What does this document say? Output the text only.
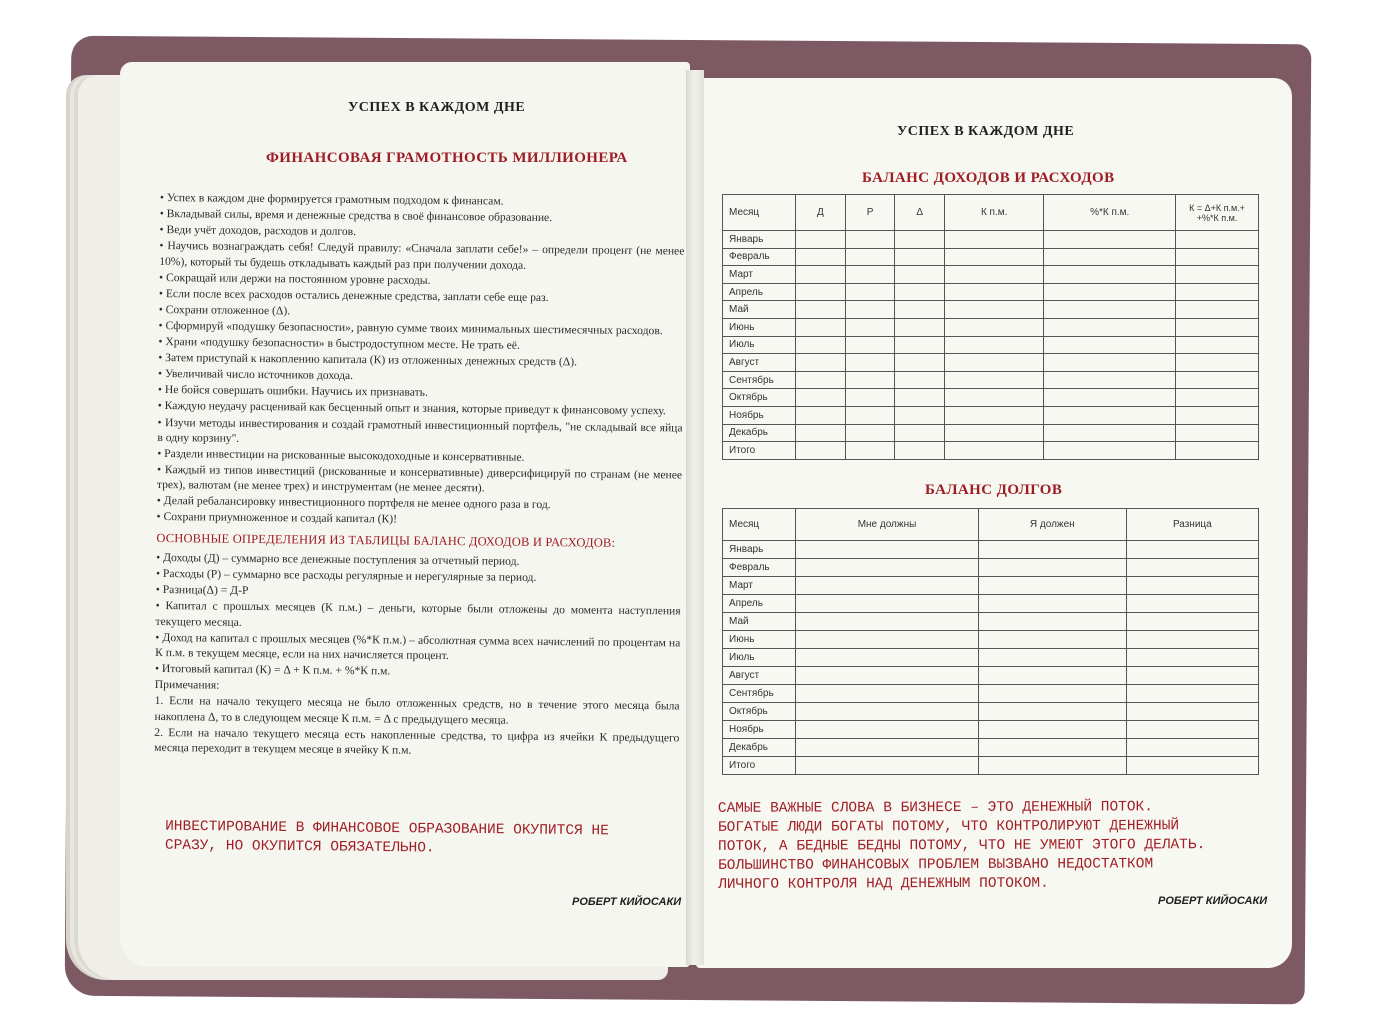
УСПЕХ В КАЖДОМ ДНЕ
ФИНАНСОВАЯ ГРАМОТНОСТЬ МИЛЛИОНЕРА

• Успех в каждом дне формируется грамотным подходом к финансам.

• Вкладывай силы, время и денежные средства в своё финансовое образование.

• Веди учёт доходов, расходов и долгов.

• Научись вознаграждать себя! Следуй правилу: «Сначала заплати себе!» – определи процент (не менее 10%), который ты будешь откладывать каждый раз при получении дохода.

• Сокращай или держи на постоянном уровне расходы.

• Если после всех расходов остались денежные средства, заплати себе еще раз.

• Сохрани отложенное (Δ).

• Сформируй «подушку безопасности», равную сумме твоих минимальных шестимесячных расходов.

• Храни «подушку безопасности» в быстродоступном месте. Не трать её.

• Затем приступай к накоплению капитала (К) из отложенных денежных средств (Δ).

• Увеличивай число источников дохода.

• Не бойся совершать ошибки. Научись их признавать.

• Каждую неудачу расценивай как бесценный опыт и знания, которые приведут к финансовому успеху.

• Изучи методы инвестирования и создай грамотный инвестиционный портфель, "не складывай все яйца в одну корзину".

• Раздели инвестиции на рискованные высокодоходные и консервативные.

• Каждый из типов инвестиций (рискованные и консервативные) диверсифицируй по странам (не менее трех), валютам (не менее трех) и инструментам (не менее десяти).

• Делай ребалансировку инвестиционного портфеля не менее одного раза в год.

• Сохрани приумноженное и создай капитал (К)!

ОСНОВНЫЕ ОПРЕДЕЛЕНИЯ ИЗ ТАБЛИЦЫ БАЛАНС ДОХОДОВ И РАСХОДОВ:

• Доходы (Д) – суммарно все денежные поступления за отчетный период.

• Расходы (Р) – суммарно все расходы регулярные и нерегулярные за период.

• Разница(Δ) = Д-Р

• Капитал с прошлых месяцев (К п.м.) – деньги, которые были отложены до момента наступления текущего месяца.

• Доход на капитал с прошлых месяцев (%*К п.м.) – абсолютная сумма всех начислений по процентам на К п.м. в текущем месяце, если на них начисляется процент.

• Итоговый капитал (К) = Δ + К п.м. + %*К п.м.

Примечания:

1. Если на начало текущего месяца не было отложенных средств, но в течение этого месяца была накоплена Δ, то в следующем месяце К п.м. = Δ с предыдущего месяца.

2. Если на начало текущего месяца есть накопленные средства, то цифра из ячейки К предыдущего месяца переходит в текущем месяце в ячейку К п.м.

ИНВЕСТИРОВАНИЕ В ФИНАНСОВОЕ ОБРАЗОВАНИЕ ОКУПИТСЯ НЕ
СРАЗУ, НО ОКУПИТСЯ ОБЯЗАТЕЛЬНО.
РОБЕРТ КИЙОСАКИ
УСПЕХ В КАЖДОМ ДНЕ
БАЛАНС ДОХОДОВ И РАСХОДОВ
Месяц	Д	Р	Δ	К п.м.	%*К п.м.	К = Δ+К п.м.+ +%*К п.м.
Январь						
Февраль						
Март						
Апрель						
Май						
Июнь						
Июль						
Август						
Сентябрь						
Октябрь						
Ноябрь						
Декабрь						
Итого						
БАЛАНС ДОЛГОВ
Месяц	Мне должны	Я должен	Разница
Январь			
Февраль			
Март			
Апрель			
Май			
Июнь			
Июль			
Август			
Сентябрь			
Октябрь			
Ноябрь			
Декабрь			
Итого			
САМЫЕ ВАЖНЫЕ СЛОВА В БИЗНЕСЕ – ЭТО ДЕНЕЖНЫЙ ПОТОК.
БОГАТЫЕ ЛЮДИ БОГАТЫ ПОТОМУ, ЧТО КОНТРОЛИРУЮТ ДЕНЕЖНЫЙ
ПОТОК, А БЕДНЫЕ БЕДНЫ ПОТОМУ, ЧТО НЕ УМЕЮТ ЭТОГО ДЕЛАТЬ.
БОЛЬШИНСТВО ФИНАНСОВЫХ ПРОБЛЕМ ВЫЗВАНО НЕДОСТАТКОМ
ЛИЧНОГО КОНТРОЛЯ НАД ДЕНЕЖНЫМ ПОТОКОМ.
РОБЕРТ КИЙОСАКИ
